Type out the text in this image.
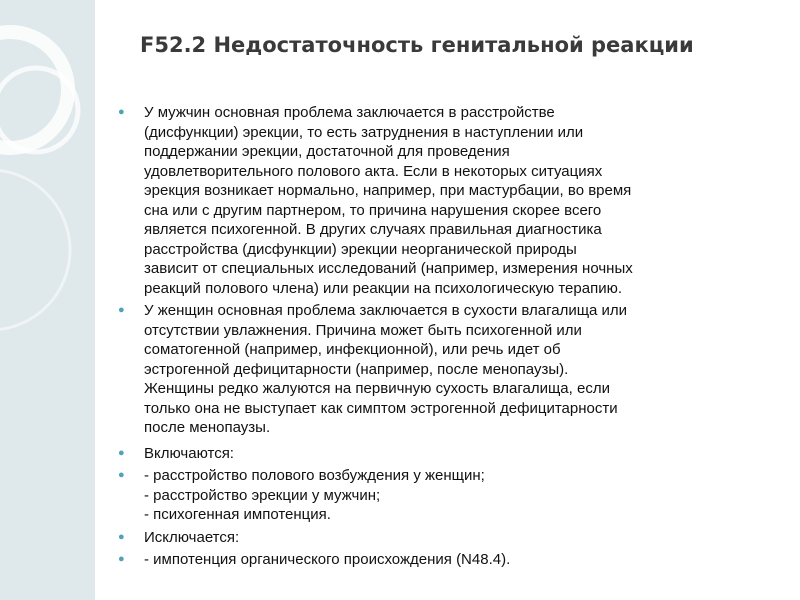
F52.2 Недостаточность генитальной реакции
● У мужчин основная проблема заключается в расстройстве
(дисфункции) эрекции, то есть затруднения в наступлении или
поддержании эрекции, достаточной для проведения
удовлетворительного полового акта. Если в некоторых ситуациях
эрекция возникает нормально, например, при мастурбации, во время
сна или с другим партнером, то причина нарушения скорее всего
является психогенной. В других случаях правильная диагностика
расстройства (дисфункции) эрекции неорганической природы
зависит от специальных исследований (например, измерения ночных
реакций полового члена) или реакции на психологическую терапию.
● У женщин основная проблема заключается в сухости влагалища или
отсутствии увлажнения. Причина может быть психогенной или
соматогенной (например, инфекционной), или речь идет об
эстрогенной дефицитарности (например, после менопаузы).
Женщины редко жалуются на первичную сухость влагалища, если
только она не выступает как симптом эстрогенной дефицитарности
после менопаузы.
● Включаются:
● - расстройство полового возбуждения у женщин;
- расстройство эрекции у мужчин;
- психогенная импотенция.
● Исключается:
● - импотенция органического происхождения (N48.4).
